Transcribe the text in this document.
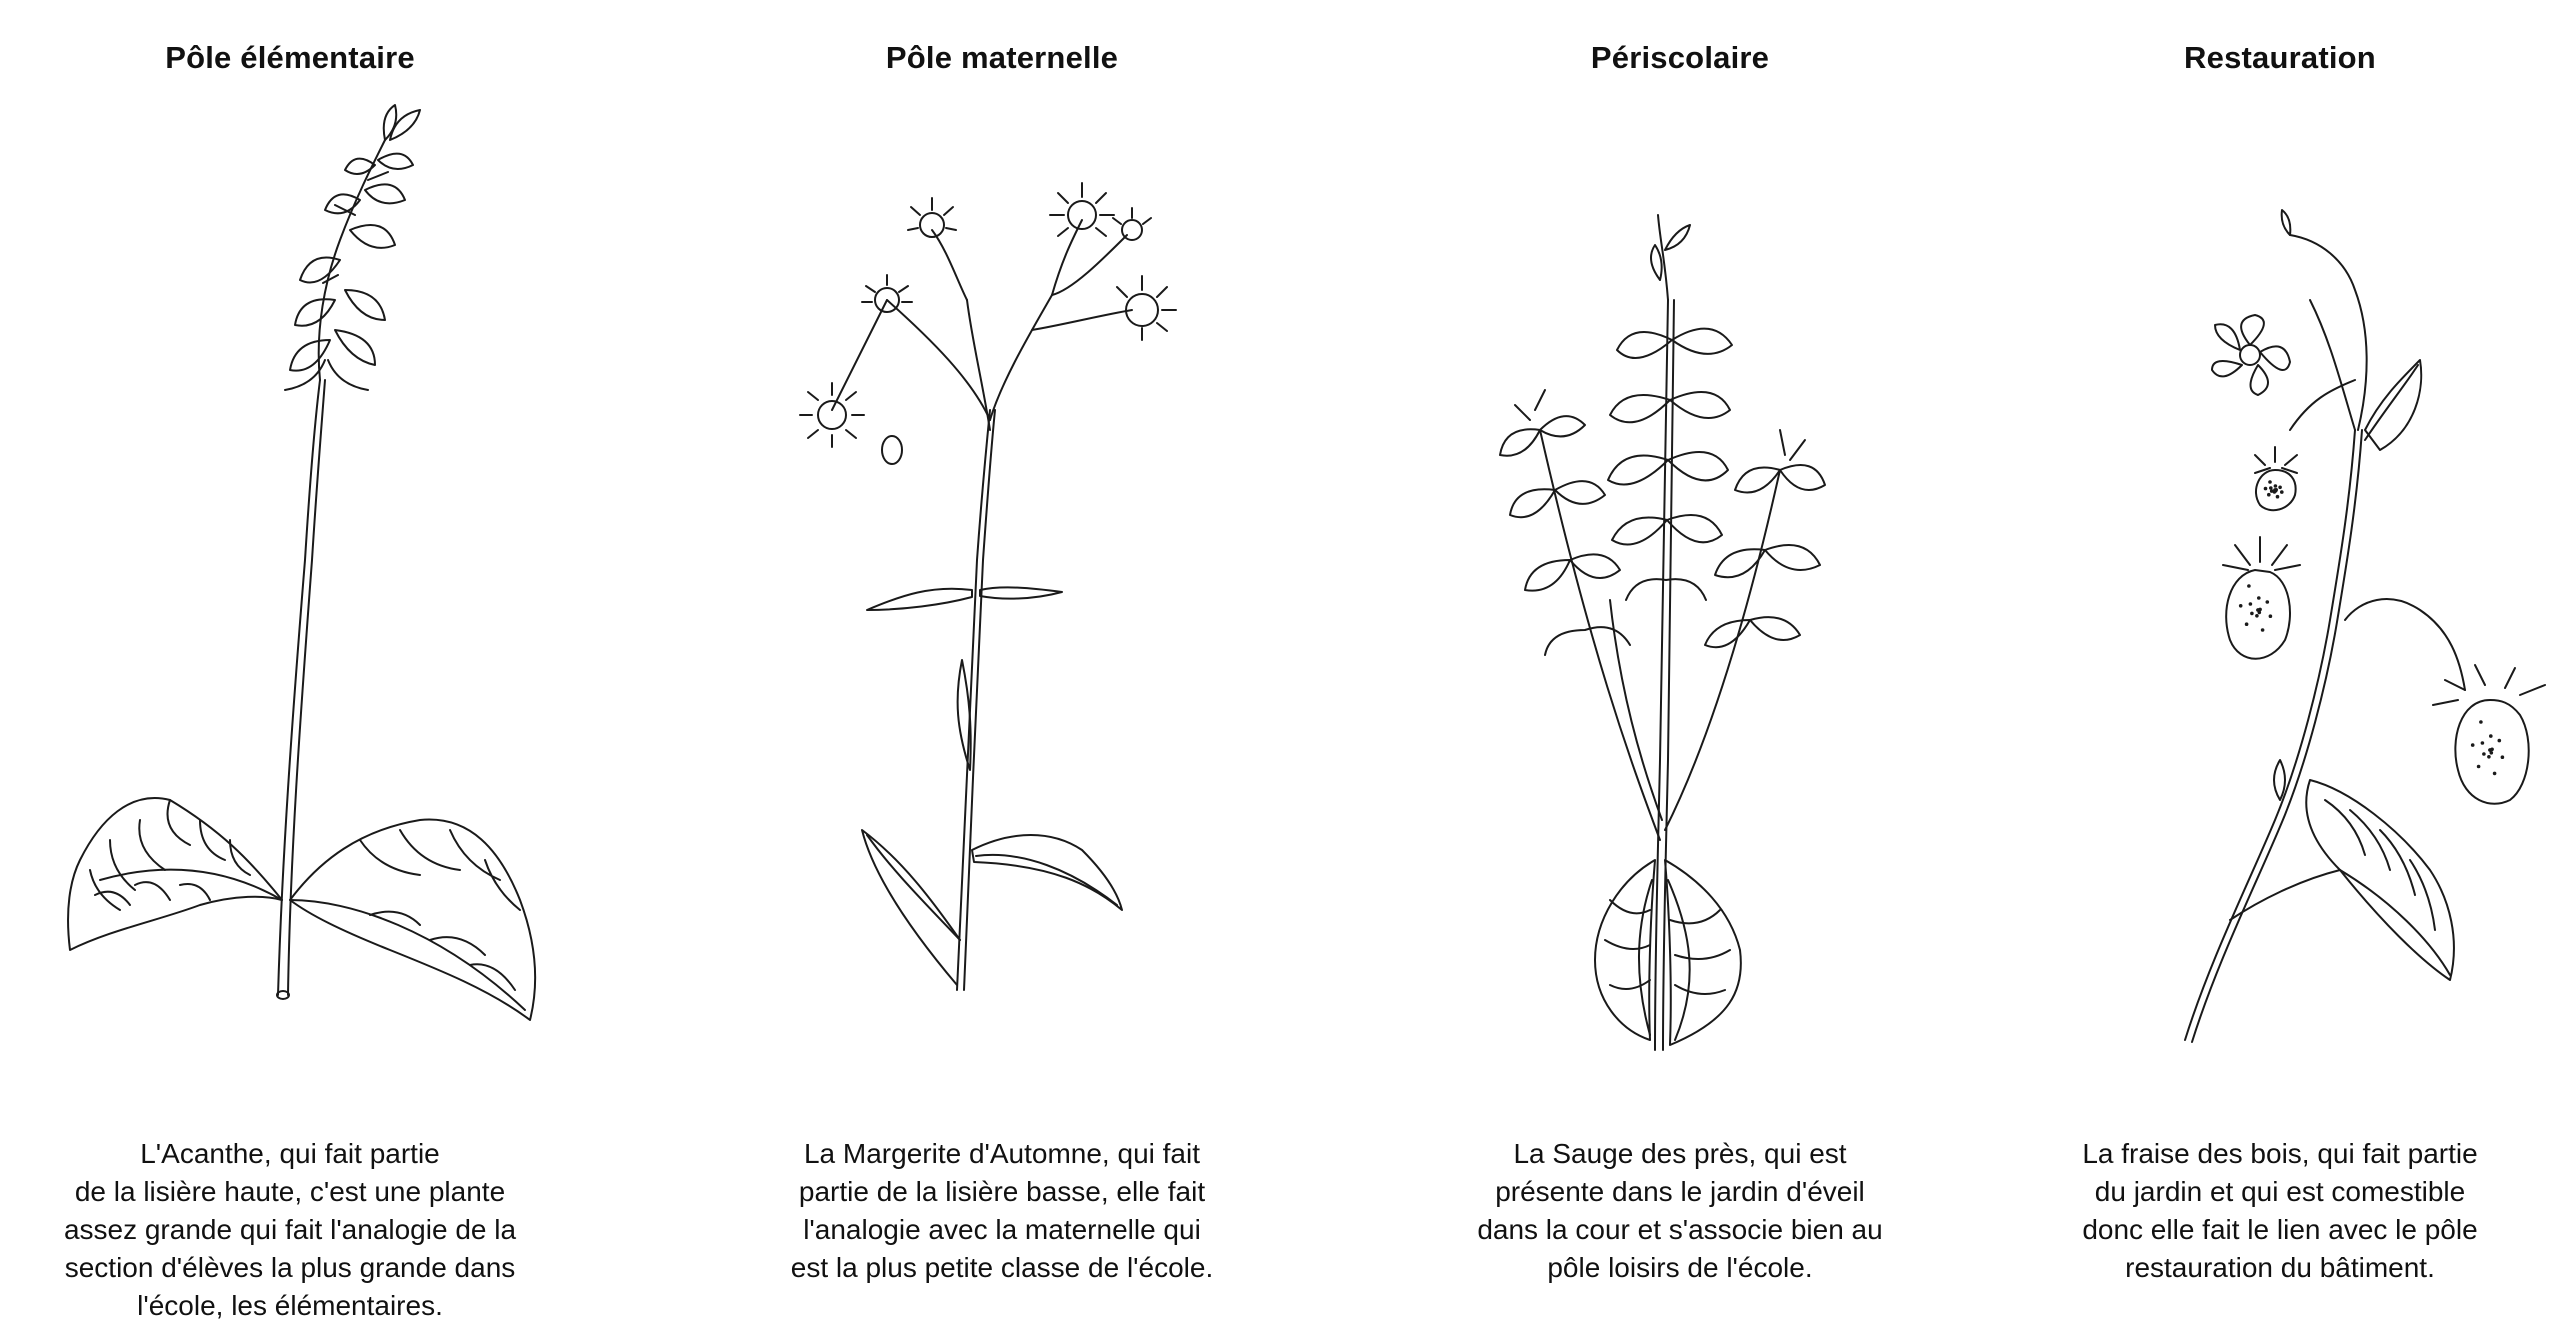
Pôle élémentaire
L'Acanthe, qui fait partie
de la lisière haute, c'est une plante
assez grande qui fait l'analogie de la
section d'élèves la plus grande dans
l'école, les élémentaires.
Pôle maternelle
La Margerite d'Automne, qui fait
partie de la lisière basse, elle fait
l'analogie avec la maternelle qui
est la plus petite classe de l'école.
Périscolaire
La Sauge des près, qui est
présente dans le jardin d'éveil
dans la cour et s'associe bien au
pôle loisirs de l'école.
Restauration
La fraise des bois, qui fait partie
du jardin et qui est comestible
donc elle fait le lien avec le pôle
restauration du bâtiment.
